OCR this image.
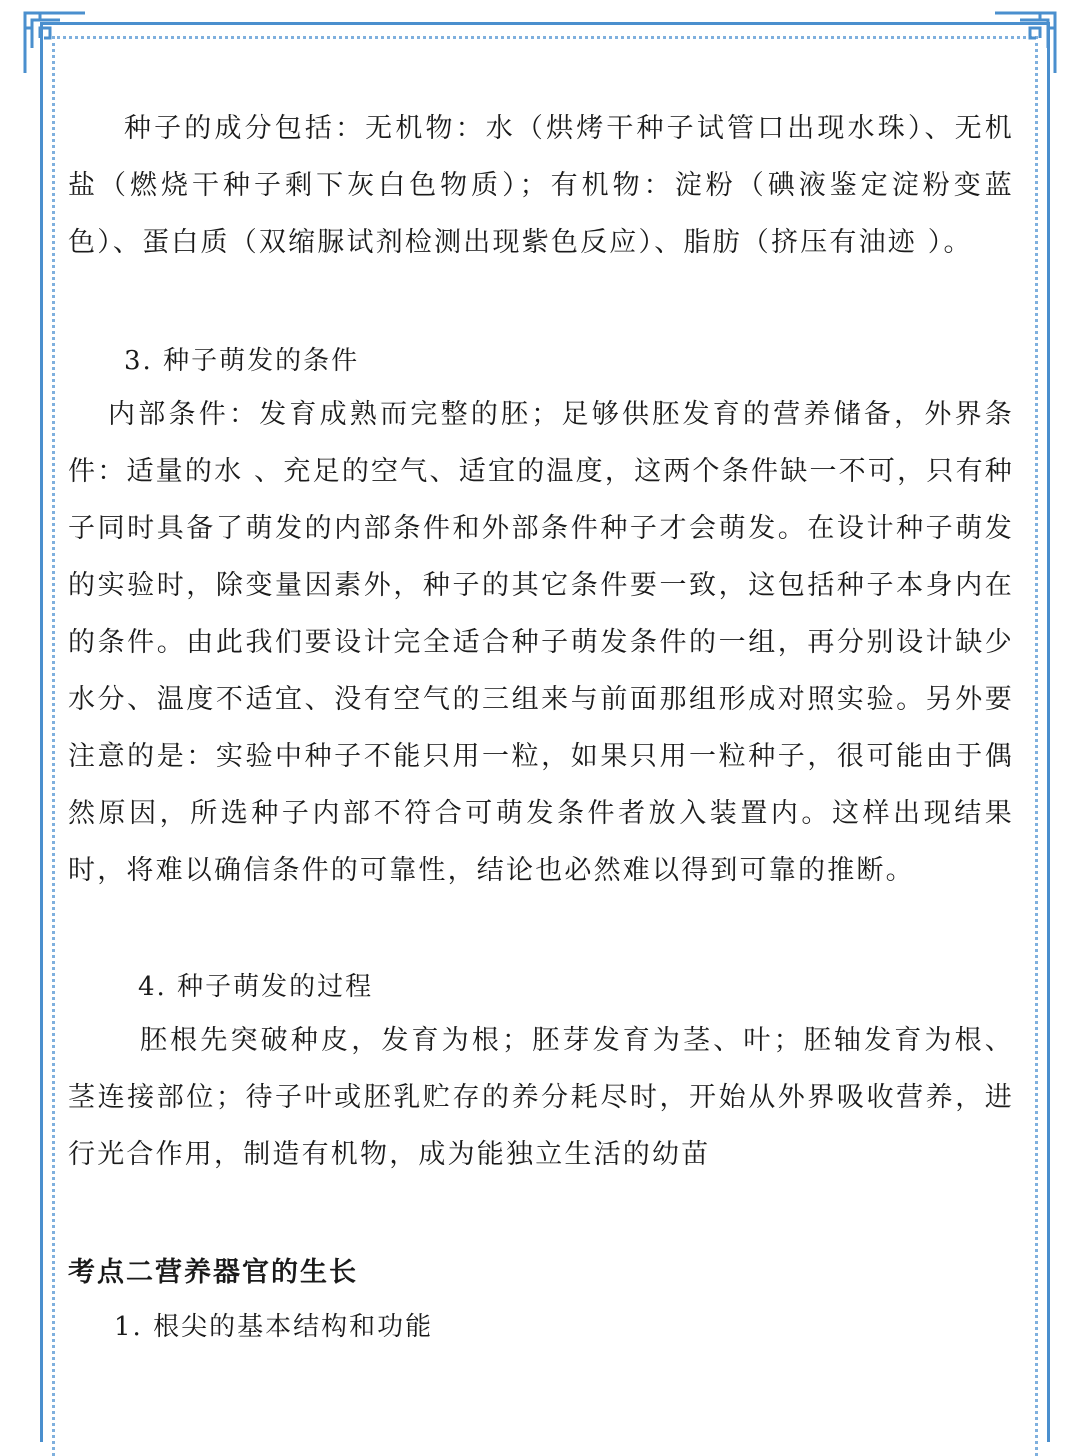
种子的成分包括：无机物：水（烘烤干种子试管口出现水珠）、无机盐（燃烧干种子剩下灰白色物质）；有机物：淀粉（碘液鉴定淀粉变蓝色）、蛋白质（双缩脲试剂检测出现紫色反应）、脂肪（挤压有油迹 ）。
3. 种子萌发的条件
内部条件：发育成熟而完整的胚；足够供胚发育的营养储备，外界条件：适量的水 、充足的空气、适宜的温度，这两个条件缺一不可，只有种子同时具备了萌发的内部条件和外部条件种子才会萌发。在设计种子萌发的实验时，除变量因素外，种子的其它条件要一致，这包括种子本身内在的条件。由此我们要设计完全适合种子萌发条件的一组，再分别设计缺少水分、温度不适宜、没有空气的三组来与前面那组形成对照实验。另外要注意的是：实验中种子不能只用一粒，如果只用一粒种子，很可能由于偶然原因，所选种子内部不符合可萌发条件者放入装置内。这样出现结果时，将难以确信条件的可靠性，结论也必然难以得到可靠的推断。
4. 种子萌发的过程
胚根先突破种皮，发育为根；胚芽发育为茎、叶；胚轴发育为根、茎连接部位；待子叶或胚乳贮存的养分耗尽时，开始从外界吸收营养，进行光合作用，制造有机物，成为能独立生活的幼苗
考点二营养器官的生长
1. 根尖的基本结构和功能
